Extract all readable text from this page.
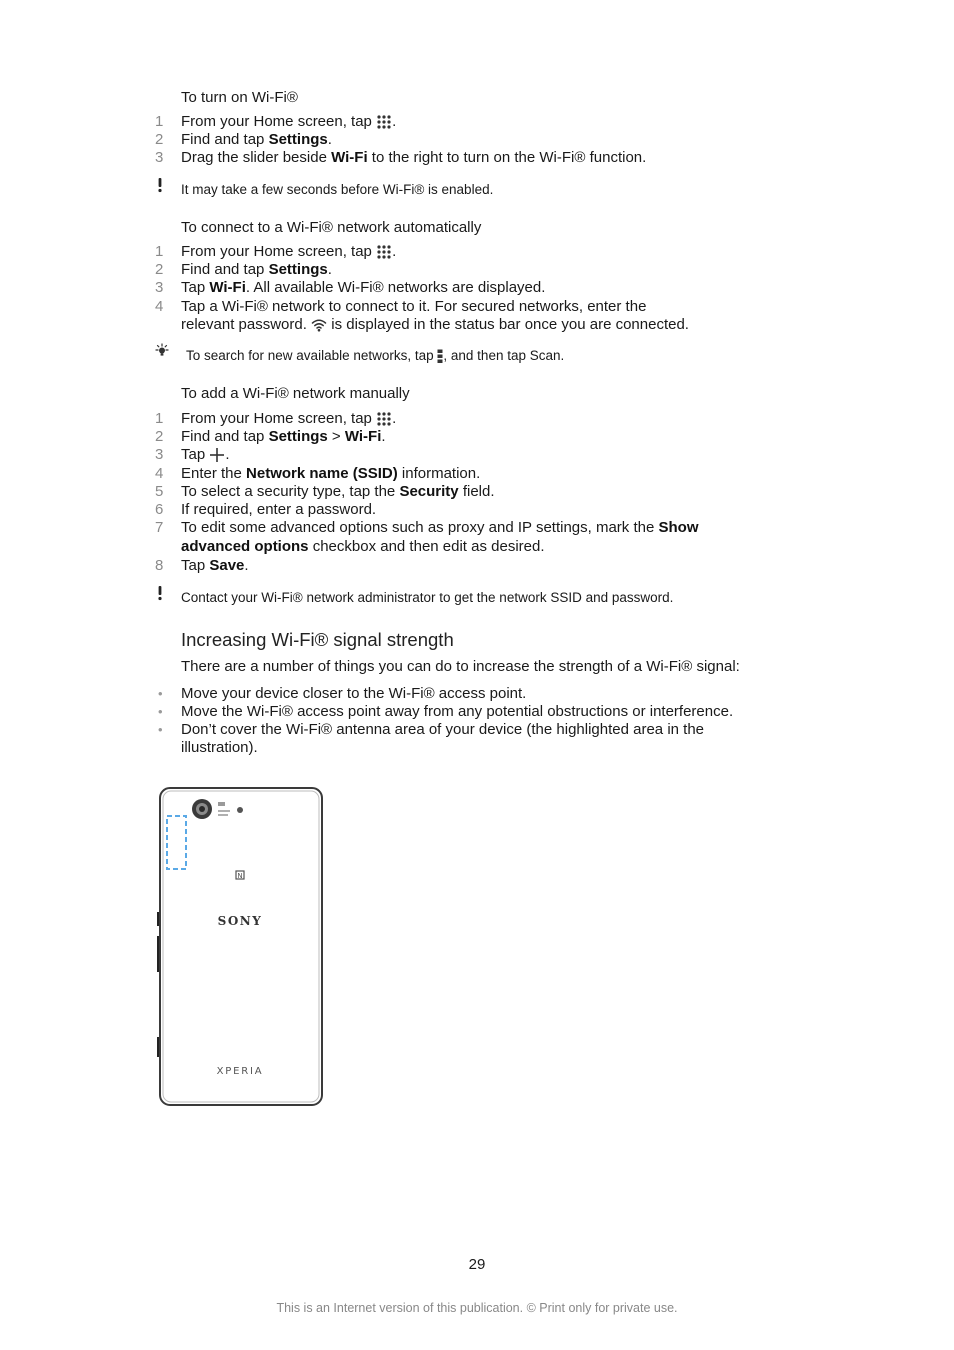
To turn on Wi-Fi®
1 From your Home screen, tap .
2 Find and tap Settings.
3 Drag the slider beside Wi-Fi to the right to turn on the Wi-Fi® function.
It may take a few seconds before Wi-Fi® is enabled.
To connect to a Wi-Fi® network automatically
1 From your Home screen, tap .
2 Find and tap Settings.
3 Tap Wi-Fi. All available Wi-Fi® networks are displayed.
4 Tap a Wi-Fi® network to connect to it. For secured networks, enter the
relevant password. is displayed in the status bar once you are connected.
To search for new available networks, tap , and then tap Scan.
To add a Wi-Fi® network manually
1 From your Home screen, tap .
2 Find and tap Settings > Wi-Fi.
3 Tap .
4 Enter the Network name (SSID) information.
5 To select a security type, tap the Security field.
6 If required, enter a password.
7 To edit some advanced options such as proxy and IP settings, mark the Show
advanced options checkbox and then edit as desired.
8 Tap Save.
Contact your Wi-Fi® network administrator to get the network SSID and password.
Increasing Wi-Fi® signal strength
There are a number of things you can do to increase the strength of a Wi-Fi® signal:
• Move your device closer to the Wi-Fi® access point.
• Move the Wi-Fi® access point away from any potential obstructions or interference.
• Don’t cover the Wi-Fi® antenna area of your device (the highlighted area in the
illustration).
N
SONY
XPERIA
29
This is an Internet version of this publication. © Print only for private use.
